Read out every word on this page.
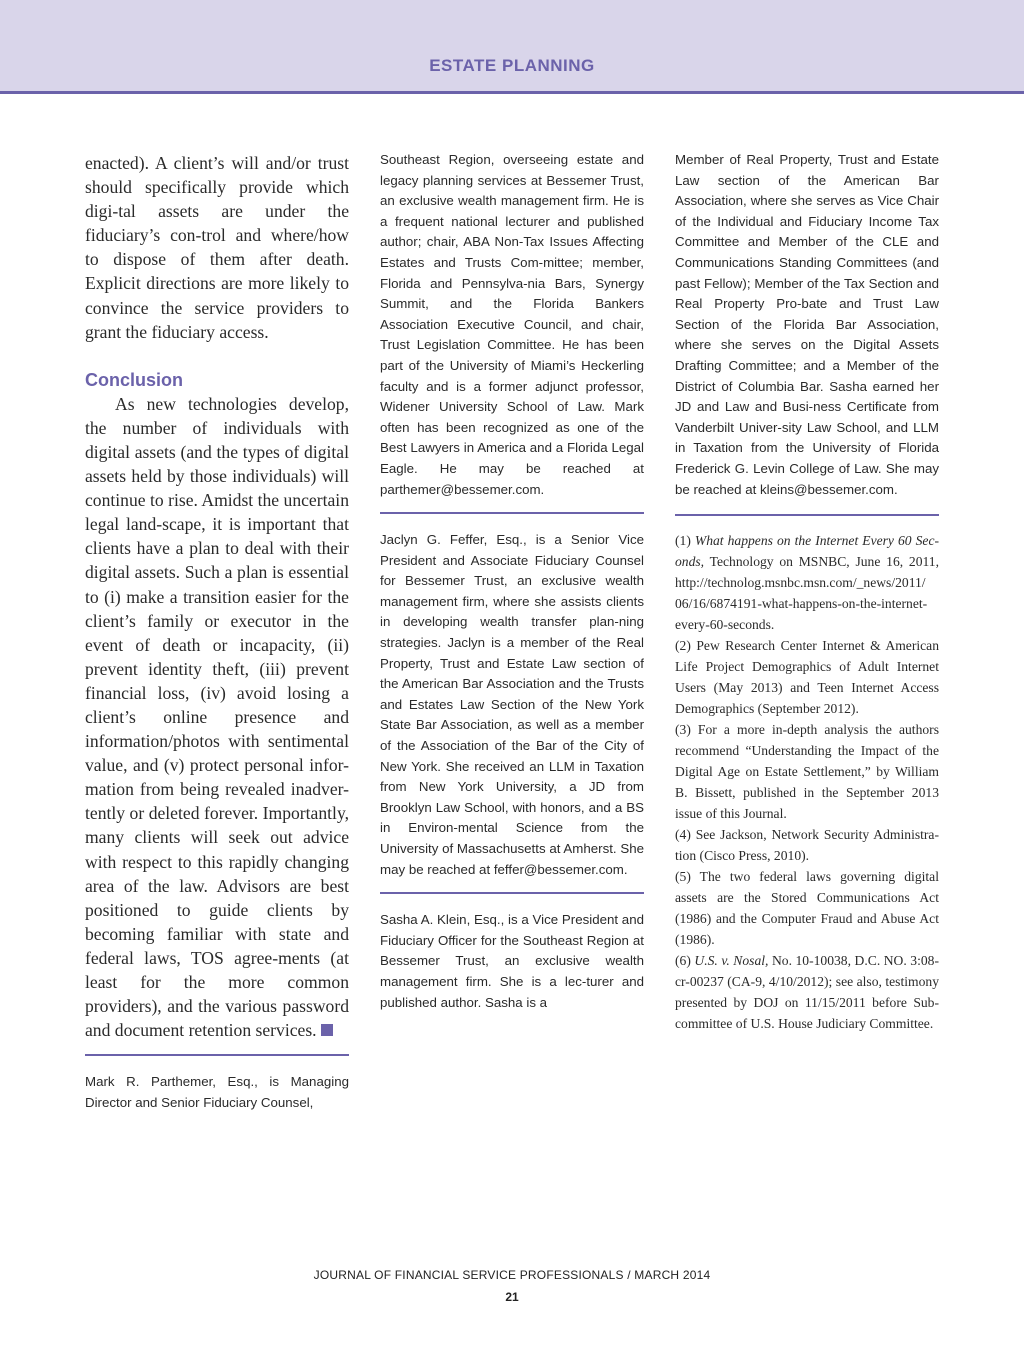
ESTATE PLANNING

enacted). A client’s will and/or trust should specifically provide which digi-tal assets are under the fiduciary’s con-trol and where/how to dispose of them after death. Explicit directions are more likely to convince the service providers to grant the fiduciary access.

Conclusion

As new technologies develop, the number of individuals with digital assets (and the types of digital assets held by those individuals) will continue to rise. Amidst the uncertain legal land-scape, it is important that clients have a plan to deal with their digital assets. Such a plan is essential to (i) make a transition easier for the client’s family or executor in the event of death or incapacity, (ii) prevent identity theft, (iii) prevent financial loss, (iv) avoid losing a client’s online presence and information/photos with sentimental value, and (v) protect personal infor-mation from being revealed inadver-tently or deleted forever. Importantly, many clients will seek out advice with respect to this rapidly changing area of the law. Advisors are best positioned to guide clients by becoming familiar with state and federal laws, TOS agree-ments (at least for the more common providers), and the various password and document retention services.

Mark R. Parthemer, Esq., is Managing Director and Senior Fiduciary Counsel,

Southeast Region, overseeing estate and legacy planning services at Bessemer Trust, an exclusive wealth management firm. He is a frequent national lecturer and published author; chair, ABA Non-Tax Issues Affecting Estates and Trusts Com-mittee; member, Florida and Pennsylva-nia Bars, Synergy Summit, and the Florida Bankers Association Executive Council, and chair, Trust Legislation Committee. He has been part of the University of Miami’s Heckerling faculty and is a former adjunct professor, Widener University School of Law. Mark often has been recognized as one of the Best Lawyers in America and a Florida Legal Eagle. He may be reached at parthemer@bessemer.com.

Jaclyn G. Feffer, Esq., is a Senior Vice President and Associate Fiduciary Counsel for Bessemer Trust, an exclusive wealth management firm, where she assists clients in developing wealth transfer plan-ning strategies. Jaclyn is a member of the Real Property, Trust and Estate Law section of the American Bar Association and the Trusts and Estates Law Section of the New York State Bar Association, as well as a member of the Association of the Bar of the City of New York. She received an LLM in Taxation from New York University, a JD from Brooklyn Law School, with honors, and a BS in Environ-mental Science from the University of Massachusetts at Amherst. She may be reached at feffer@bessemer.com.

Sasha A. Klein, Esq., is a Vice President and Fiduciary Officer for the Southeast Region at Bessemer Trust, an exclusive wealth management firm. She is a lec-turer and published author. Sasha is a

Member of Real Property, Trust and Estate Law section of the American Bar Association, where she serves as Vice Chair of the Individual and Fiduciary Income Tax Committee and Member of the CLE and Communications Standing Committees (and past Fellow); Member of the Tax Section and Real Property Pro-bate and Trust Law Section of the Florida Bar Association, where she serves on the Digital Assets Drafting Committee; and a Member of the District of Columbia Bar. Sasha earned her JD and Law and Busi-ness Certificate from Vanderbilt Univer-sity Law School, and LLM in Taxation from the University of Florida Frederick G. Levin College of Law. She may be reached at kleins@bessemer.com.

(1) What happens on the Internet Every 60 Sec-onds, Technology on MSNBC, June 16, 2011, http://technolog.msnbc.msn.com/_news/2011/ 06/16/6874191-what-happens-on-the-internet-every-60-seconds.

(2) Pew Research Center Internet & American Life Project Demographics of Adult Internet Users (May 2013) and Teen Internet Access Demographics (September 2012).

(3) For a more in-depth analysis the authors recommend “Understanding the Impact of the Digital Age on Estate Settlement,” by William B. Bissett, published in the September 2013 issue of this Journal.

(4) See Jackson, Network Security Administra-tion (Cisco Press, 2010).

(5) The two federal laws governing digital assets are the Stored Communications Act (1986) and the Computer Fraud and Abuse Act (1986).

(6) U.S. v. Nosal, No. 10-10038, D.C. NO. 3:08-cr-00237 (CA-9, 4/10/2012); see also, testimony presented by DOJ on 11/15/2011 before Sub-committee of U.S. House Judiciary Committee.

JOURNAL OF FINANCIAL SERVICE PROFESSIONALS / MARCH 2014
21
